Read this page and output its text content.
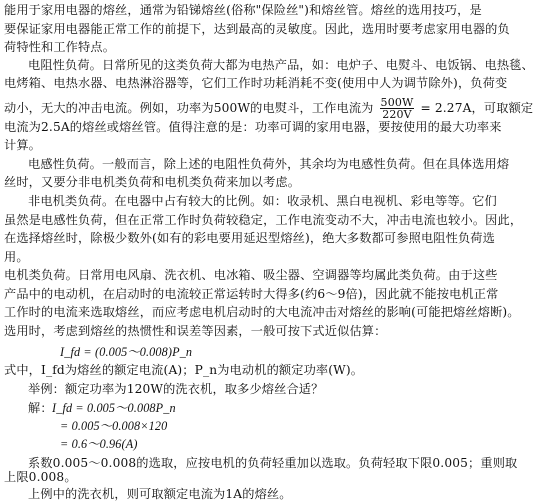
能用于家用电器的熔丝，通常为铅锑熔丝(俗称"保险丝")和熔丝管。熔丝的选用技巧，是
要保证家用电器能正常工作的前提下，达到最高的灵敏度。因此，选用时要考虑家用电器的负
荷特性和工作特点。
电阻性负荷。日常所见的这类负荷大都为电热产品，如：电炉子、电熨斗、电饭锅、电热毯、
电烤箱、电热水器、电热淋浴器等，它们工作时功耗消耗不变(使用中人为调节除外)，负荷变
动小，无大的冲击电流。例如，功率为500W的电熨斗，工作电流为 $\frac{500W}{220V} = 2.27A$，可取额定
电流为2.5A的熔丝或熔丝管。值得注意的是：功率可调的家用电器，要按使用的最大功率来
计算。
电感性负荷。一般而言，除上述的电阻性负荷外，其余均为电感性负荷。但在具体选用熔
丝时，又要分非电机类负荷和电机类负荷来加以考虑。
非电机类负荷。在电器中占有较大的比例。如：收录机、黑白电视机、彩电等等。它们
虽然是电感性负荷，但在正常工作时负荷较稳定，工作电流变动不大，冲击电流也较小。因此，
在选择熔丝时，除极少数外(如有的彩电要用延迟型熔丝)，绝大多数都可参照电阻性负荷选
用。
电机类负荷。日常用电风扇、洗衣机、电冰箱、吸尘器、空调器等均属此类负荷。由于这些
产品中的电动机，在启动时的电流较正常运转时大得多(约6～9倍)，因此就不能按电机正常
工作时的电流来选取熔丝，而应考虑电机启动时的大电流冲击对熔丝的影响(可能把熔丝熔断)。
选用时，考虑到熔丝的热惯性和误差等因素，一般可按下式近似估算：
I_fd = (0.005～0.008)P_n
式中，I_fd为熔丝的额定电流(A)；P_n为电动机的额定功率(W)。
举例：额定功率为120W的洗衣机，取多少熔丝合适？
解： I_fd = 0.005～0.008P_n
= 0.005～0.008×120
= 0.6～0.96(A)
系数0.005～0.008的选取，应按电机的负荷轻重加以选取。负荷轻取下限0.005；重则取
上限0.008。
上例中的洗衣机，则可取额定电流为1A的熔丝。
